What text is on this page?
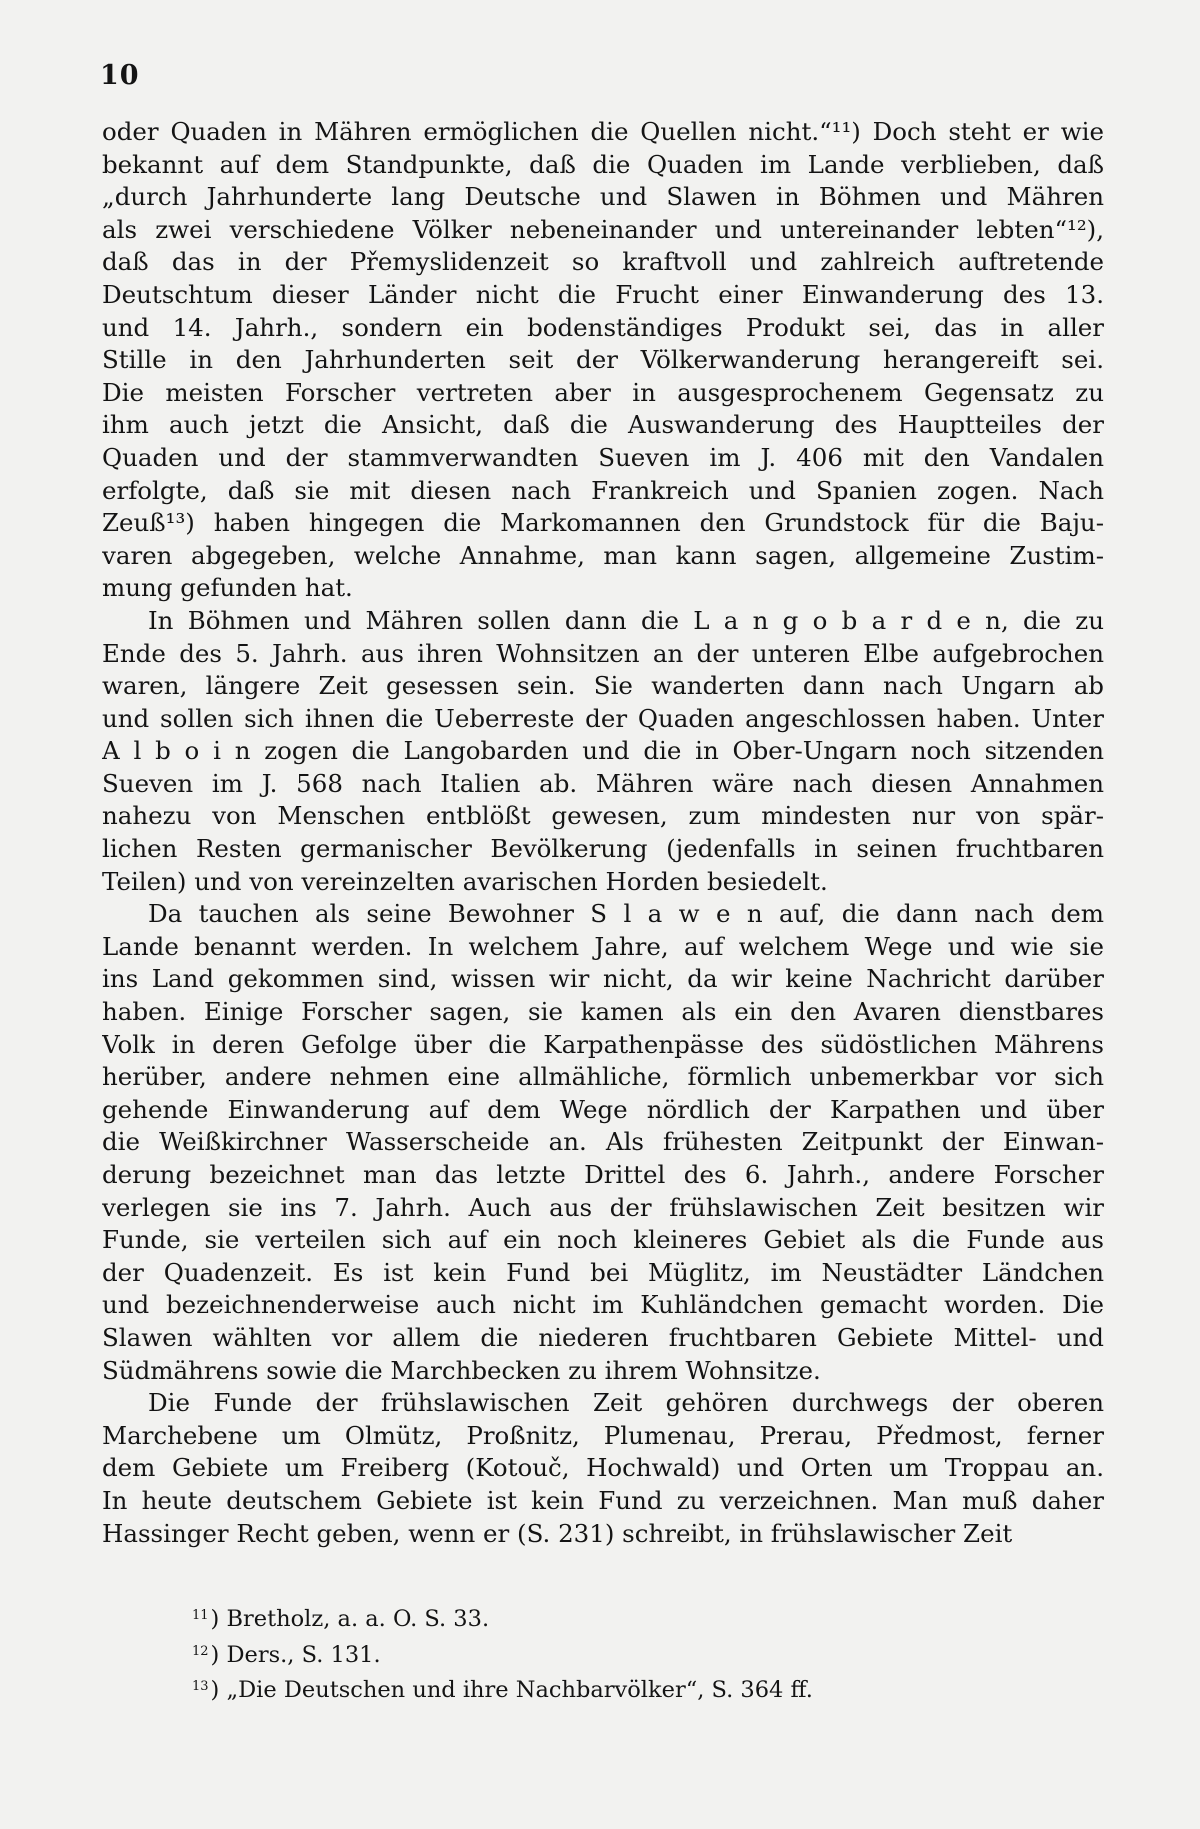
10
oder Quaden in Mähren ermöglichen die Quellen nicht.“¹¹) Doch steht er wie
bekannt auf dem Standpunkte, daß die Quaden im Lande verblieben, daß
„durch Jahrhunderte lang Deutsche und Slawen in Böhmen und Mähren
als zwei verschiedene Völker nebeneinander und untereinander lebten“¹²),
daß das in der Přemyslidenzeit so kraftvoll und zahlreich auftretende
Deutschtum dieser Länder nicht die Frucht einer Einwanderung des 13.
und 14. Jahrh., sondern ein bodenständiges Produkt sei, das in aller
Stille in den Jahrhunderten seit der Völkerwanderung herangereift sei.
Die meisten Forscher vertreten aber in ausgesprochenem Gegensatz zu
ihm auch jetzt die Ansicht, daß die Auswanderung des Hauptteiles der
Quaden und der stammverwandten Sueven im J. 406 mit den Vandalen
erfolgte, daß sie mit diesen nach Frankreich und Spanien zogen. Nach
Zeuß¹³) haben hingegen die Markomannen den Grundstock für die Baju-
varen abgegeben, welche Annahme, man kann sagen, allgemeine Zustim-
mung gefunden hat.
In Böhmen und Mähren sollen dann die L a n g o b a r d e n, die zu
Ende des 5. Jahrh. aus ihren Wohnsitzen an der unteren Elbe aufgebrochen
waren, längere Zeit gesessen sein. Sie wanderten dann nach Ungarn ab
und sollen sich ihnen die Ueberreste der Quaden angeschlossen haben. Unter
A l b o i n zogen die Langobarden und die in Ober-Ungarn noch sitzenden
Sueven im J. 568 nach Italien ab. Mähren wäre nach diesen Annahmen
nahezu von Menschen entblößt gewesen, zum mindesten nur von spär-
lichen Resten germanischer Bevölkerung (jedenfalls in seinen fruchtbaren
Teilen) und von vereinzelten avarischen Horden besiedelt.
Da tauchen als seine Bewohner S l a w e n auf, die dann nach dem
Lande benannt werden. In welchem Jahre, auf welchem Wege und wie sie
ins Land gekommen sind, wissen wir nicht, da wir keine Nachricht darüber
haben. Einige Forscher sagen, sie kamen als ein den Avaren dienstbares
Volk in deren Gefolge über die Karpathenpässe des südöstlichen Mährens
herüber, andere nehmen eine allmähliche, förmlich unbemerkbar vor sich
gehende Einwanderung auf dem Wege nördlich der Karpathen und über
die Weißkirchner Wasserscheide an. Als frühesten Zeitpunkt der Einwan-
derung bezeichnet man das letzte Drittel des 6. Jahrh., andere Forscher
verlegen sie ins 7. Jahrh. Auch aus der frühslawischen Zeit besitzen wir
Funde, sie verteilen sich auf ein noch kleineres Gebiet als die Funde aus
der Quadenzeit. Es ist kein Fund bei Müglitz, im Neustädter Ländchen
und bezeichnenderweise auch nicht im Kuhländchen gemacht worden. Die
Slawen wählten vor allem die niederen fruchtbaren Gebiete Mittel- und
Südmährens sowie die Marchbecken zu ihrem Wohnsitze.
Die Funde der frühslawischen Zeit gehören durchwegs der oberen
Marchebene um Olmütz, Proßnitz, Plumenau, Prerau, Předmost, ferner
dem Gebiete um Freiberg (Kotouč, Hochwald) und Orten um Troppau an.
In heute deutschem Gebiete ist kein Fund zu verzeichnen. Man muß daher
Hassinger Recht geben, wenn er (S. 231) schreibt, in frühslawischer Zeit
$^{11}$) Bretholz, a. a. O. S. 33.
$^{12}$) Ders., S. 131.
$^{13}$) „Die Deutschen und ihre Nachbarvölker“, S. 364 ff.
